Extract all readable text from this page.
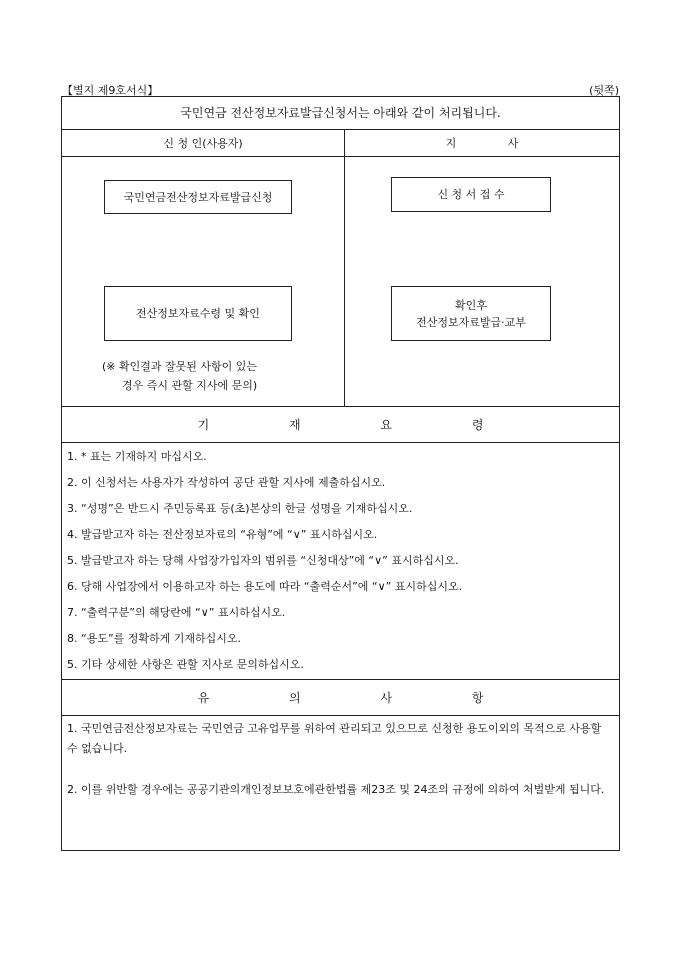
【별지 제9호서식】	(뒷쪽)
국민연금 전산정보자료발급신청서는 아래와 같이 처리됩니다.
신 청 인(사용자)	지 사
국민연금전산정보자료발급신청
전산정보자료수령 및 확인
(※ 확인결과 잘못된 사항이 있는
경우 즉시 관할 지사에 문의)
신 청 서 접 수
확인후
전산정보자료발급·교부
기 재 요 령
1. * 표는 기재하지 마십시오.
2. 이 신청서는 사용자가 작성하여 공단 관할 지사에 제출하십시오.
3. “성명”은 반드시 주민등록표 등(초)본상의 한글 성명을 기재하십시오.
4. 발급받고자 하는 전산정보자료의 “유형”에 “∨” 표시하십시오.
5. 발급받고자 하는 당해 사업장가입자의 범위를 “신청대상”에 “∨” 표시하십시오.
6. 당해 사업장에서 이용하고자 하는 용도에 따라 “출력순서”에 “∨” 표시하십시오.
7. “출력구분”의 해당란에 “∨” 표시하십시오.
8. “용도”를 정확하게 기재하십시오.
5. 기타 상세한 사항은 관할 지사로 문의하십시오.
유 의 사 항
1. 국민연금전산정보자료는 국민연금 고유업무를 위하여 관리되고 있으므로 신청한 용도이외의 목적으로 사용할 수 없습니다.
2. 이를 위반할 경우에는 공공기관의개인정보보호에관한법률 제23조 및 24조의 규정에 의하여 처벌받게 됩니다.
